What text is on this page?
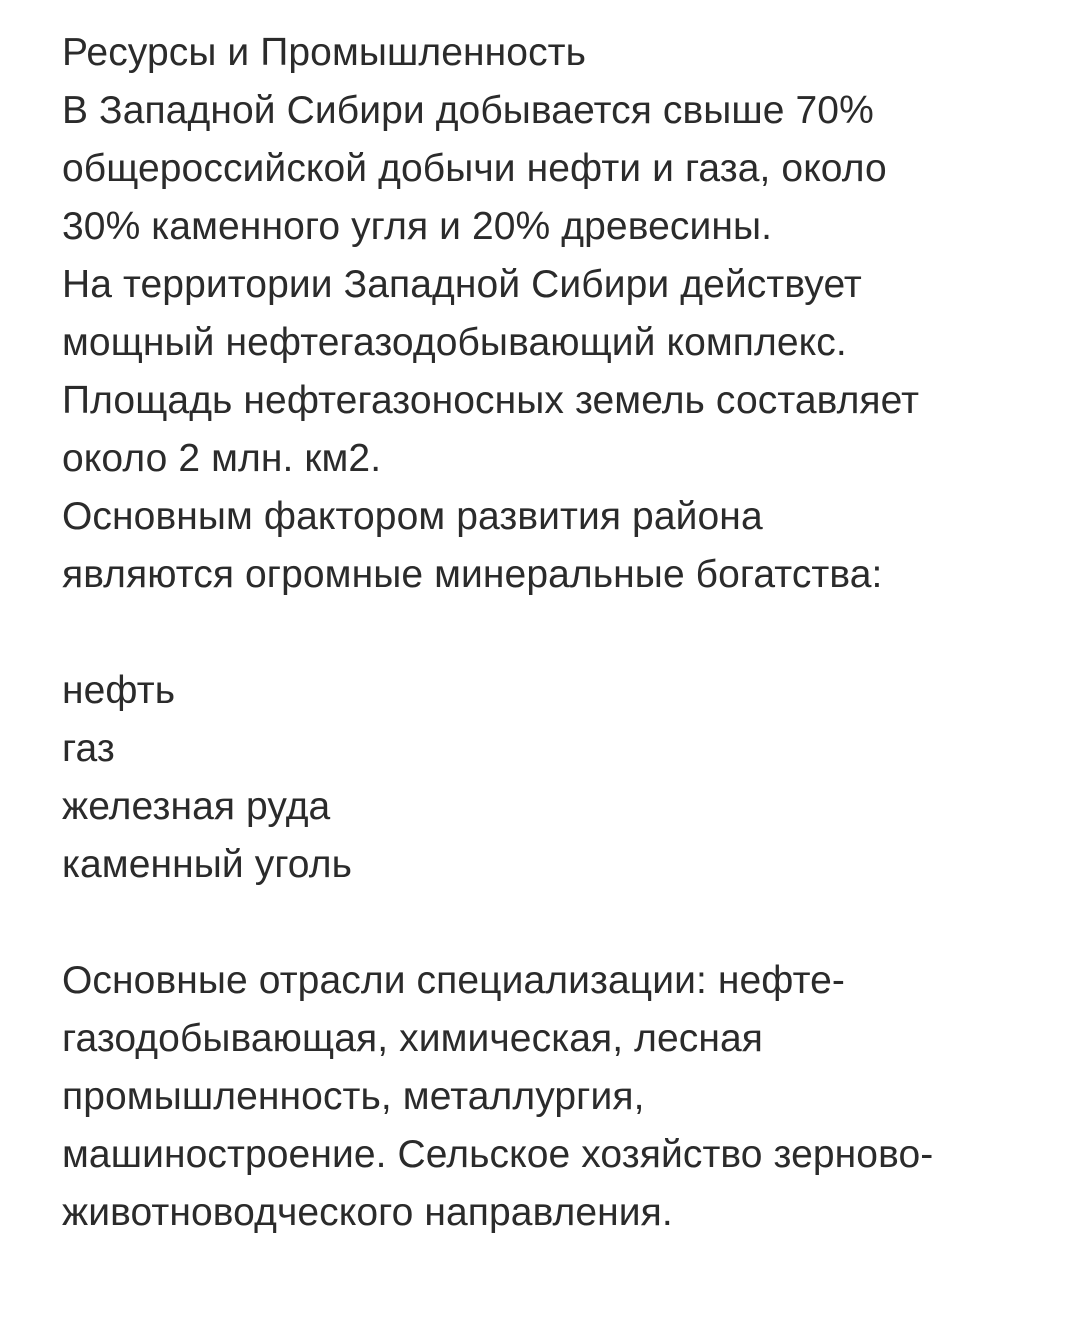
Ресурсы и Промышленность
В Западной Сибири добывается свыше 70%
общероссийской добычи нефти и газа, около
30% каменного угля и 20% древесины.
На территории Западной Сибири действует
мощный нефтегазодобывающий комплекс.
Площадь нефтегазоносных земель составляет
около 2 млн. км2.
Основным фактором развития района
являются огромные минеральные богатства:
нефть
газ
железная руда
каменный уголь
Основные отрасли специализации: нефте-
газодобывающая, химическая, лесная
промышленность, металлургия,
машиностроение. Сельское хозяйство зерново-
животноводческого направления.
